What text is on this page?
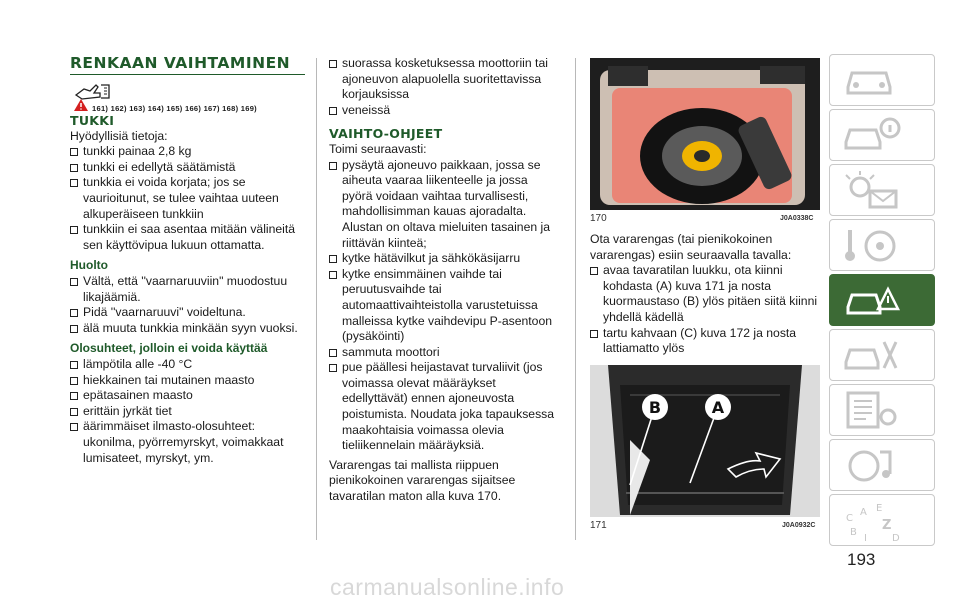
RENKAAN VAIHTAMINEN
161) 162) 163) 164) 165) 166) 167) 168) 169)
TUKKI

Hyödyllisiä tietoja:

tunkki painaa 2,8 kg

tunkki ei edellytä säätämistä

tunkkia ei voida korjata; jos se vaurioitunut, se tulee vaihtaa uuteen alkuperäiseen tunkkiin

tunkkiin ei saa asentaa mitään välineitä sen käyttövipua lukuun ottamatta.

Huolto

Vältä, että ''vaarnaruuviin" muodostuu likajäämiä.

Pidä ''vaarnaruuvi" voideltuna.

älä muuta tunkkia minkään syyn vuoksi.

Olosuhteet, jolloin ei voida käyttää

lämpötila alle -40 °C

hiekkainen tai mutainen maasto

epätasainen maasto

erittäin jyrkät tiet

äärimmäiset ilmasto-olosuhteet: ukonilma, pyörremyrskyt, voimakkaat lumisateet, myrskyt, ym.

suorassa kosketuksessa moottoriin tai ajoneuvon alapuolella suoritettavissa korjauksissa

veneissä

VAIHTO-OHJEET

Toimi seuraavasti:

pysäytä ajoneuvo paikkaan, jossa se aiheuta vaaraa liikenteelle ja jossa pyörä voidaan vaihtaa turvallisesti, mahdollisimman kauas ajoradalta. Alustan on oltava mieluiten tasainen ja riittävän kiinteä;

kytke hätävilkut ja sähkökäsijarru

kytke ensimmäinen vaihde tai peruutusvaihde tai automaattivaihteistolla varustetuissa malleissa kytke vaihdevipu P-asentoon (pysäköinti)

sammuta moottori

pue päällesi heijastavat turvaliivit (jos voimassa olevat määräykset edellyttävät) ennen ajoneuvosta poistumista. Noudata joka tapauksessa maakohtaisia voimassa olevia tieliikennelain määräyksiä.

Vararengas tai mallista riippuen pienikokoinen vararengas sijaitsee tavaratilan maton alla kuva 170.

170	J0A0338C

Ota vararengas (tai pienikokoinen vararengas) esiin seuraavalla tavalla:

avaa tavaratilan luukku, ota kiinni kohdasta (A) kuva 171 ja nosta kuormaustaso (B) ylös pitäen siitä kiinni yhdellä kädellä

tartu kahvaan (C) kuva 172 ja nosta lattiamatto ylös

B	A
171	J0A0932C
C
A E
B
I
Z
D
193
carmanualsonline.info
